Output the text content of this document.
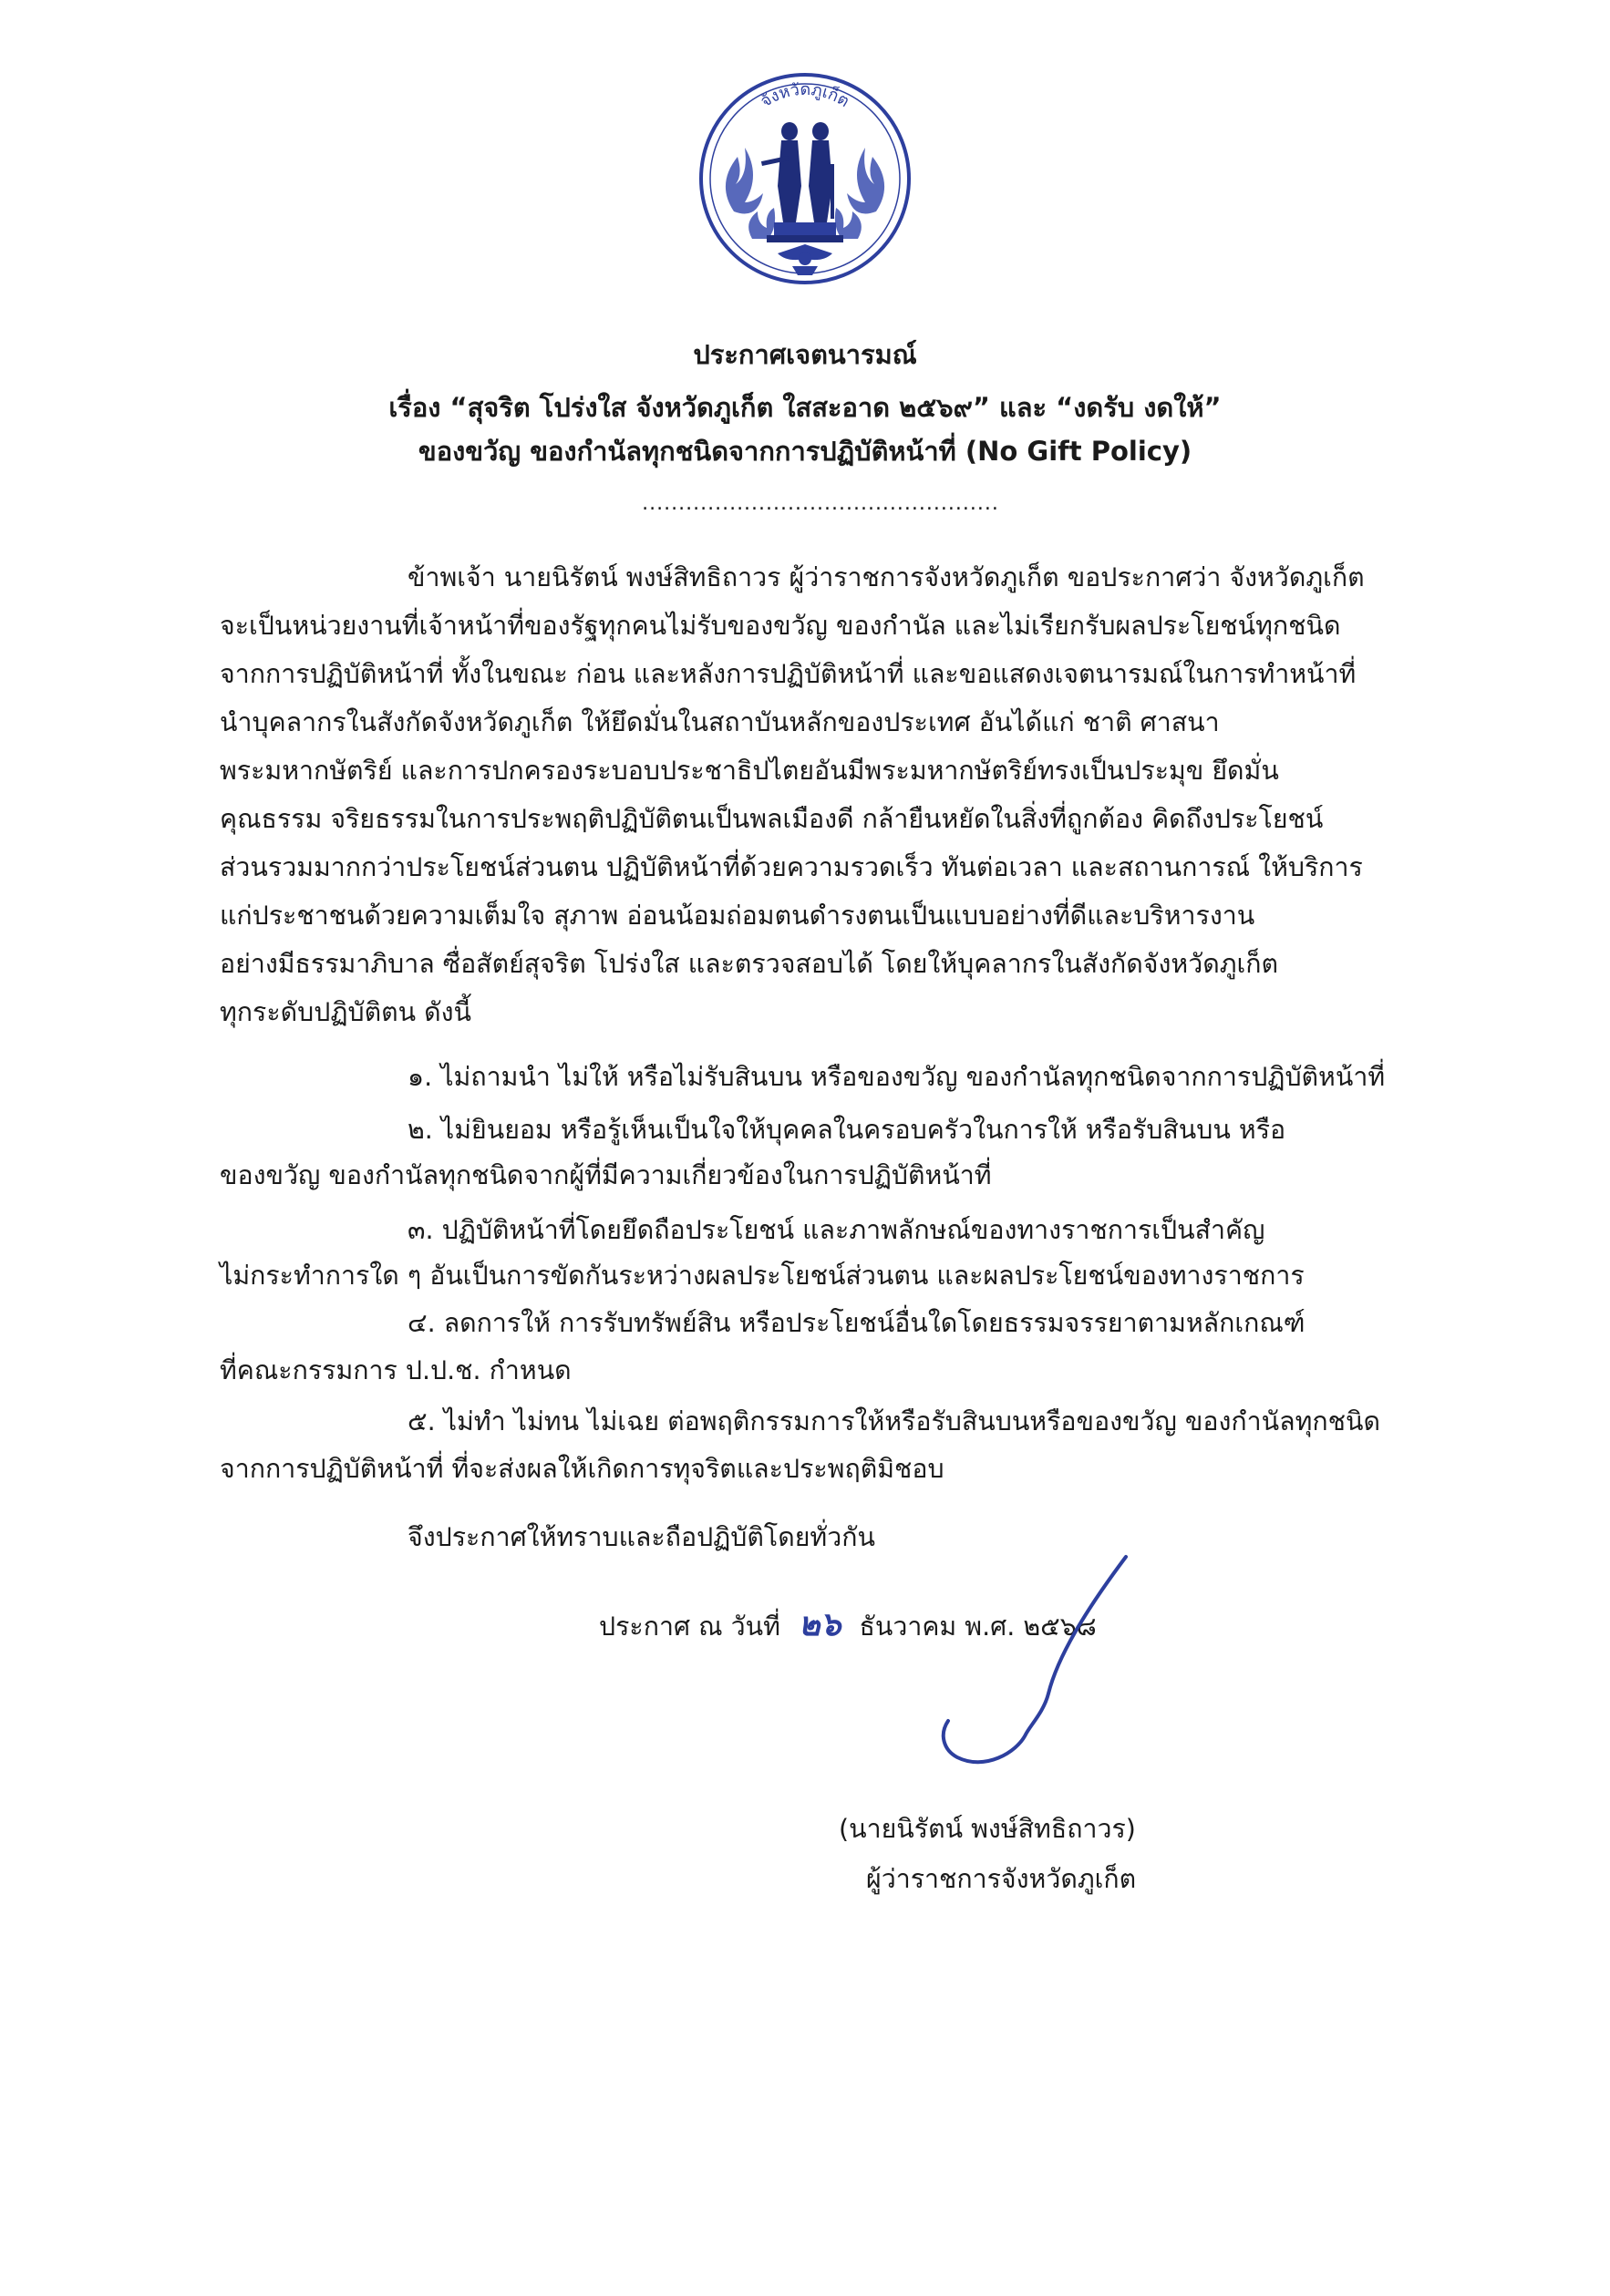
จังหวัดภูเก็ต
ประกาศเจตนารมณ์
เรื่อง “สุจริต โปร่งใส จังหวัดภูเก็ต ใสสะอาด ๒๕๖๙” และ “งดรับ งดให้”
ของขวัญ ของกำนัลทุกชนิดจากการปฏิบัติหน้าที่ (No Gift Policy)
.................................................
ข้าพเจ้า นายนิรัตน์ พงษ์สิทธิถาวร ผู้ว่าราชการจังหวัดภูเก็ต ขอประกาศว่า จังหวัดภูเก็ต
จะเป็นหน่วยงานที่เจ้าหน้าที่ของรัฐทุกคนไม่รับของขวัญ ของกำนัล และไม่เรียกรับผลประโยชน์ทุกชนิด
จากการปฏิบัติหน้าที่ ทั้งในขณะ ก่อน และหลังการปฏิบัติหน้าที่ และขอแสดงเจตนารมณ์ในการทำหน้าที่
นำบุคลากรในสังกัดจังหวัดภูเก็ต ให้ยึดมั่นในสถาบันหลักของประเทศ อันได้แก่ ชาติ ศาสนา
พระมหากษัตริย์ และการปกครองระบอบประชาธิปไตยอันมีพระมหากษัตริย์ทรงเป็นประมุข ยึดมั่น
คุณธรรม จริยธรรมในการประพฤติปฏิบัติตนเป็นพลเมืองดี กล้ายืนหยัดในสิ่งที่ถูกต้อง คิดถึงประโยชน์
ส่วนรวมมากกว่าประโยชน์ส่วนตน ปฏิบัติหน้าที่ด้วยความรวดเร็ว ทันต่อเวลา และสถานการณ์ ให้บริการ
แก่ประชาชนด้วยความเต็มใจ สุภาพ อ่อนน้อมถ่อมตนดำรงตนเป็นแบบอย่างที่ดีและบริหารงาน
อย่างมีธรรมาภิบาล ซื่อสัตย์สุจริต โปร่งใส และตรวจสอบได้ โดยให้บุคลากรในสังกัดจังหวัดภูเก็ต
ทุกระดับปฏิบัติตน ดังนี้
๑. ไม่ถามนำ ไม่ให้ หรือไม่รับสินบน หรือของขวัญ ของกำนัลทุกชนิดจากการปฏิบัติหน้าที่
๒. ไม่ยินยอม หรือรู้เห็นเป็นใจให้บุคคลในครอบครัวในการให้ หรือรับสินบน หรือ
ของขวัญ ของกำนัลทุกชนิดจากผู้ที่มีความเกี่ยวข้องในการปฏิบัติหน้าที่
๓. ปฏิบัติหน้าที่โดยยึดถือประโยชน์ และภาพลักษณ์ของทางราชการเป็นสำคัญ
ไม่กระทำการใด ๆ อันเป็นการขัดกันระหว่างผลประโยชน์ส่วนตน และผลประโยชน์ของทางราชการ
๔. ลดการให้ การรับทรัพย์สิน หรือประโยชน์อื่นใดโดยธรรมจรรยาตามหลักเกณฑ์
ที่คณะกรรมการ ป.ป.ช. กำหนด
๕. ไม่ทำ ไม่ทน ไม่เฉย ต่อพฤติกรรมการให้หรือรับสินบนหรือของขวัญ ของกำนัลทุกชนิด
จากการปฏิบัติหน้าที่ ที่จะส่งผลให้เกิดการทุจริตและประพฤติมิชอบ
จึงประกาศให้ทราบและถือปฏิบัติโดยทั่วกัน
ประกาศ ณ วันที่ ๒๖ ธันวาคม พ.ศ. ๒๕๖๘
(นายนิรัตน์ พงษ์สิทธิถาวร)
ผู้ว่าราชการจังหวัดภูเก็ต
